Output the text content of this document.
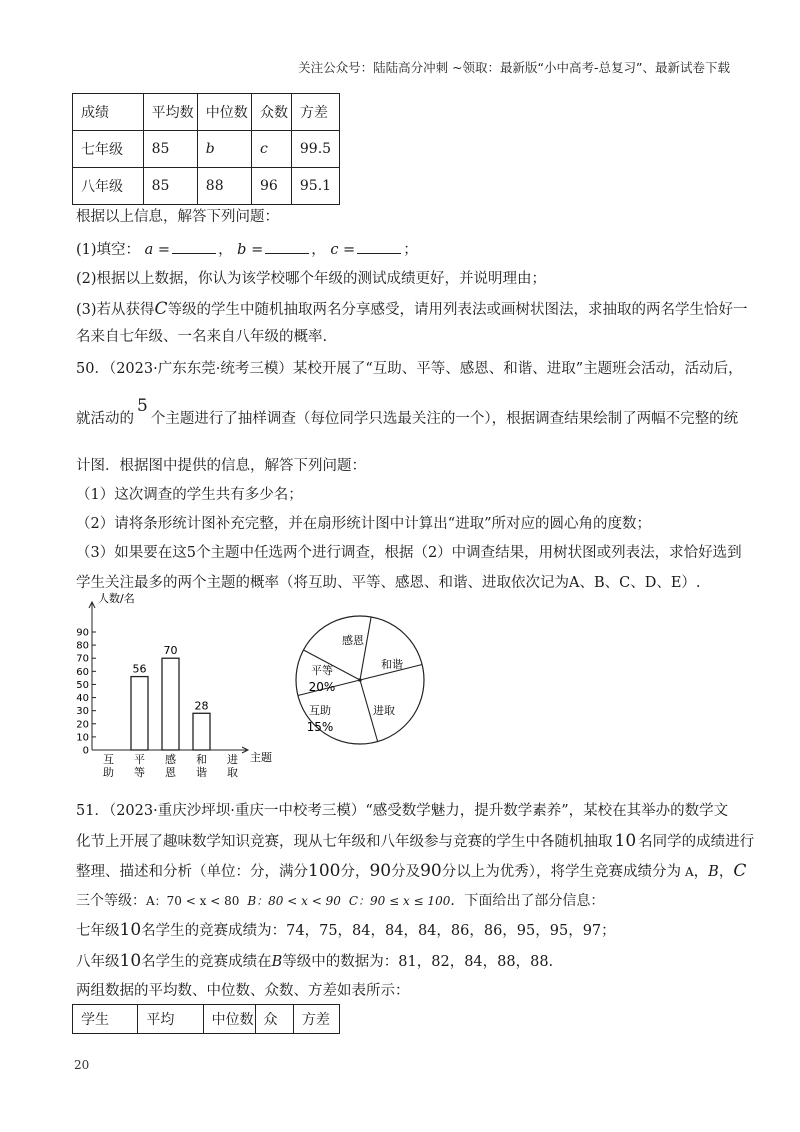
关注公众号：陆陆高分冲刺 ~领取：最新版“小中高考-总复习”、最新试卷下载
成绩	平均数	中位数	众数	方差
七年级	85	b	c	99.5
八年级	85	88	96	95.1
根据以上信息，解答下列问题：
(1)填空： a =	， b =	， c =	；
(2)根据以上数据，你认为该学校哪个年级的测试成绩更好，并说明理由；
(3)若从获得C等级的学生中随机抽取两名分享感受，请用列表法或画树状图法，求抽取的两名学生恰好一
名来自七年级、一名来自八年级的概率.
50．（2023·广东东莞·统考三模）某校开展了“互助、平等、感恩、和谐、进取”主题班会活动，活动后，
就活动的5个主题进行了抽样调查（每位同学只选最关注的一个），根据调查结果绘制了两幅不完整的统
计图．根据图中提供的信息，解答下列问题：
（1）这次调查的学生共有多少名；
（2）请将条形统计图补充完整，并在扇形统计图中计算出“进取”所对应的圆心角的度数；
（3）如果要在这5个主题中任选两个进行调查，根据（2）中调查结果，用树状图或列表法，求恰好选到
学生关注最多的两个主题的概率（将互助、平等、感恩、和谐、进取依次记为A、B、C、D、E）.
人数/名
主题
90
80
70
60
50
40
30
20
10
0
互助
56
平等
70
感恩
28
和谐
进取
感恩
和谐
进取
互助
15%
平等
20%
51．（2023·重庆沙坪坝·重庆一中校考三模）“感受数学魅力，提升数学素养”，某校在其举办的数学文
化节上开展了趣味数学知识竞赛，现从七年级和八年级参与竞赛的学生中各随机抽取 10 名同学的成绩进行
整理、描述和分析（单位：分，满分100分，90分及90分以上为优秀），将学生竞赛成绩分为 A，B，C
三个等级：A：70 < x < 80 B：80 < x < 90 C：90 ≤ x ≤ 100．下面给出了部分信息：
七年级10名学生的竞赛成绩为：74，75，84，84，84，86，86，95，95，97；
八年级10名学生的竞赛成绩在B等级中的数据为：81，82，84，88，88.
两组数据的平均数、中位数、众数、方差如表所示：
学生	平均	中位数	众	方差
20
